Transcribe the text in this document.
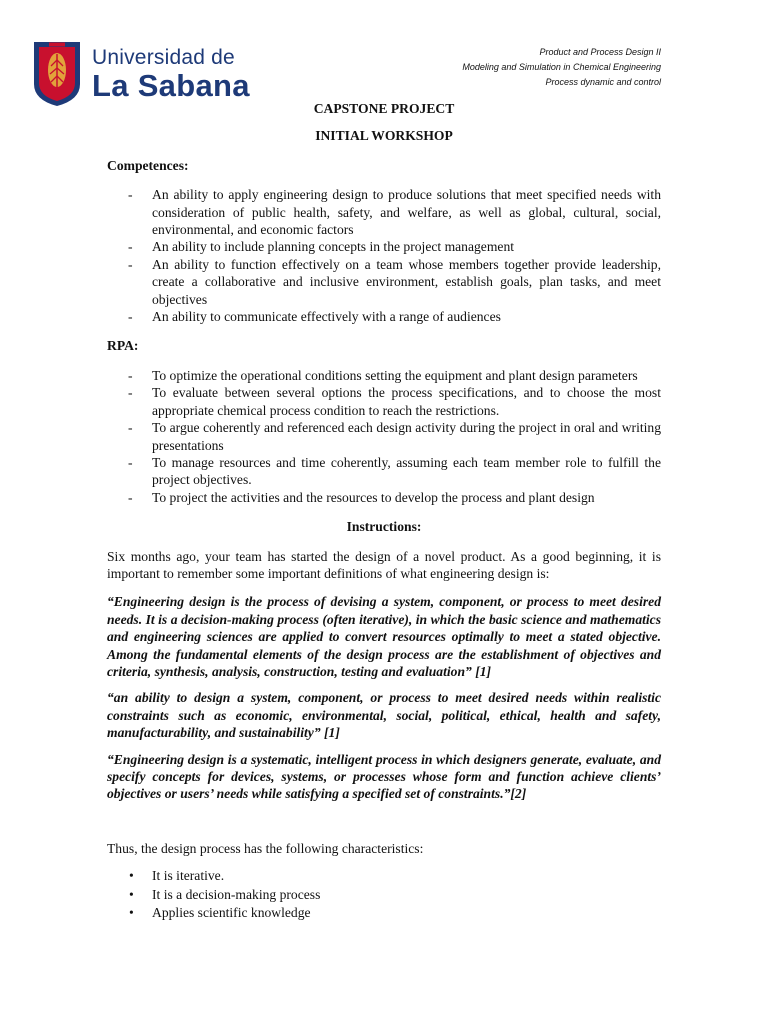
Universidad de
La Sabana
Product and Process Design II
Modeling and Simulation in Chemical Engineering
Process dynamic and control
CAPSTONE PROJECT
INITIAL WORKSHOP
Competences:
- An ability to apply engineering design to produce solutions that meet specified needs with consideration of public health, safety, and welfare, as well as global, cultural, social, environmental, and economic factors
- An ability to include planning concepts in the project management
- An ability to function effectively on a team whose members together provide leadership, create a collaborative and inclusive environment, establish goals, plan tasks, and meet objectives
- An ability to communicate effectively with a range of audiences
RPA:
- To optimize the operational conditions setting the equipment and plant design parameters
- To evaluate between several options the process specifications, and to choose the most appropriate chemical process condition to reach the restrictions.
- To argue coherently and referenced each design activity during the project in oral and writing presentations
- To manage resources and time coherently, assuming each team member role to fulfill the project objectives.
- To project the activities and the resources to develop the process and plant design
Instructions:

Six months ago, your team has started the design of a novel product. As a good beginning, it is important to remember some important definitions of what engineering design is:

“Engineering design is the process of devising a system, component, or process to meet desired needs. It is a decision-making process (often iterative), in which the basic science and mathematics and engineering sciences are applied to convert resources optimally to meet a stated objective. Among the fundamental elements of the design process are the establishment of objectives and criteria, synthesis, analysis, construction, testing and evaluation” [1]

“an ability to design a system, component, or process to meet desired needs within realistic constraints such as economic, environmental, social, political, ethical, health and safety, manufacturability, and sustainability” [1]

“Engineering design is a systematic, intelligent process in which designers generate, evaluate, and specify concepts for devices, systems, or processes whose form and function achieve clients’ objectives or users’ needs while satisfying a specified set of constraints.”[2]

Thus, the design process has the following characteristics:

• It is iterative.
• It is a decision-making process
• Applies scientific knowledge
